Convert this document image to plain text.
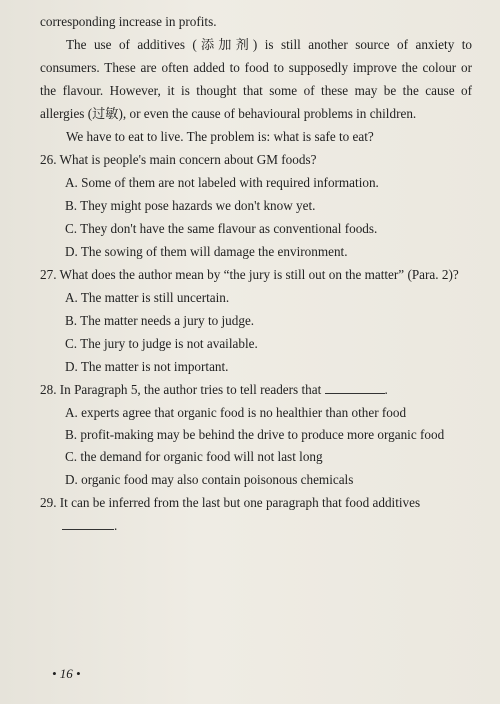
corresponding increase in profits.

The use of additives (添加剂) is still another source of anxiety to consumers. These are often added to food to supposedly improve the colour or the flavour. However, it is thought that some of these may be the cause of allergies (过敏), or even the cause of behavioural problems in children.

We have to eat to live. The problem is: what is safe to eat?

26. What is people's main concern about GM foods?

A. Some of them are not labeled with required information.

B. They might pose hazards we don't know yet.

C. They don't have the same flavour as conventional foods.

D. The sowing of them will damage the environment.

27. What does the author mean by “the jury is still out on the matter” (Para. 2)?

A. The matter is still uncertain.

B. The matter needs a jury to judge.

C. The jury to judge is not available.

D. The matter is not important.

28. In Paragraph 5, the author tries to tell readers that	.

A. experts agree that organic food is no healthier than other food

B. profit-making may be behind the drive to produce more organic food

C. the demand for organic food will not last long

D. organic food may also contain poisonous chemicals

29. It can be inferred from the last but one paragraph that food additives .

• 16 •
